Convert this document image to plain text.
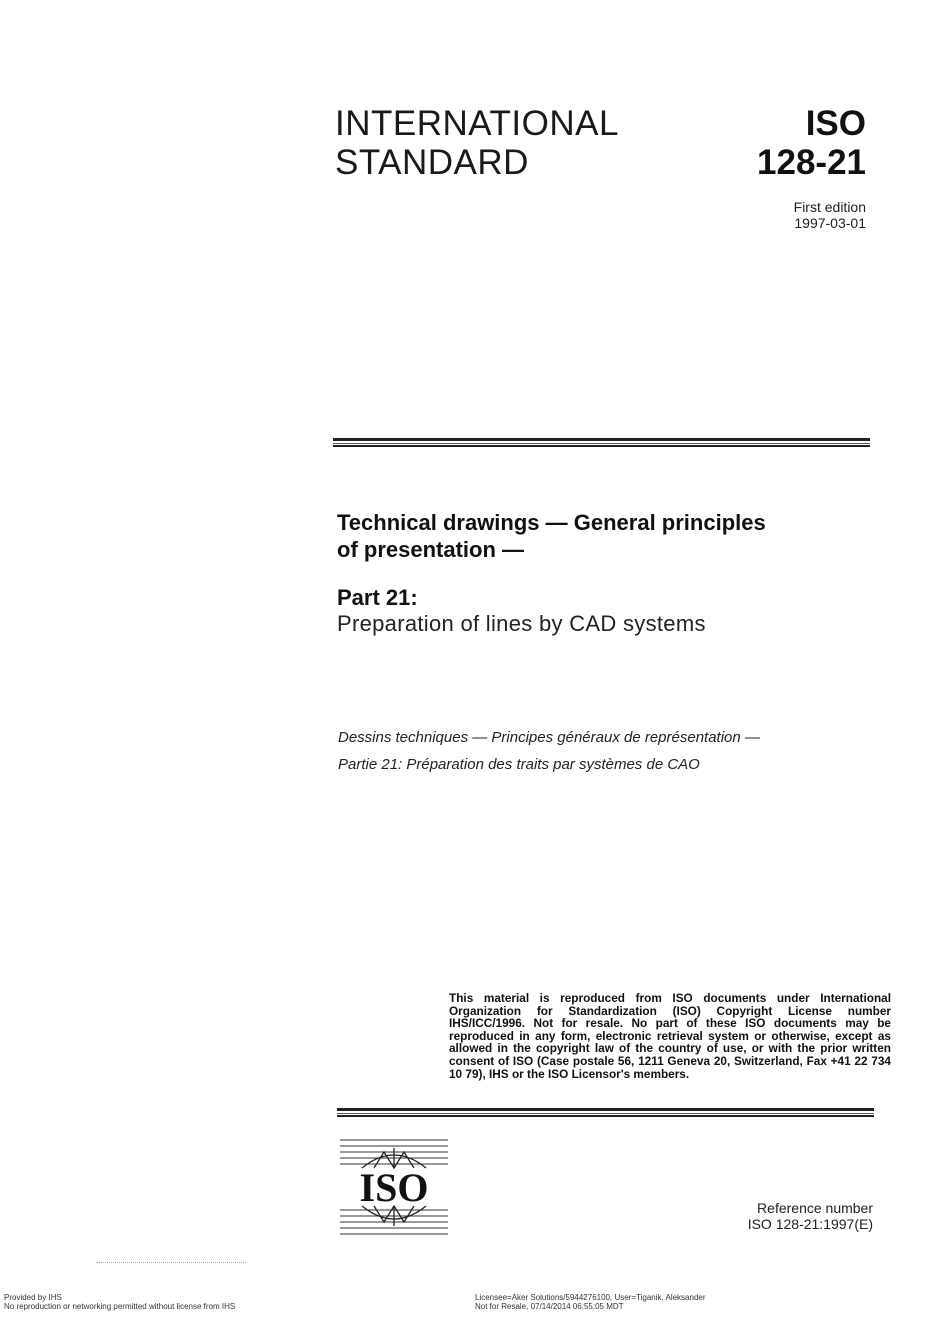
INTERNATIONAL
STANDARD
ISO
128-21
First edition
1997-03-01
Technical drawings — General principles
of presentation —
Part 21:
Preparation of lines by CAD systems
Dessins techniques — Principes généraux de représentation —
Partie 21: Préparation des traits par systèmes de CAO
This material is reproduced from ISO documents under International Organization for Standardization (ISO) Copyright License number IHS/ICC/1996. Not for resale. No part of these ISO documents may be reproduced in any form, electronic retrieval system or otherwise, except as allowed in the copyright law of the country of use, or with the prior written consent of ISO (Case postale 56, 1211 Geneva 20, Switzerland, Fax +41 22 734 10 79), IHS or the ISO Licensor's members.
ISO	Reference number
ISO 128-21:1997(E)
Provided by IHS
No reproduction or networking permitted without license from IHS
Licensee=Aker Solutions/5944276100, User=Tiganik, Aleksander
Not for Resale, 07/14/2014 06:55:05 MDT
